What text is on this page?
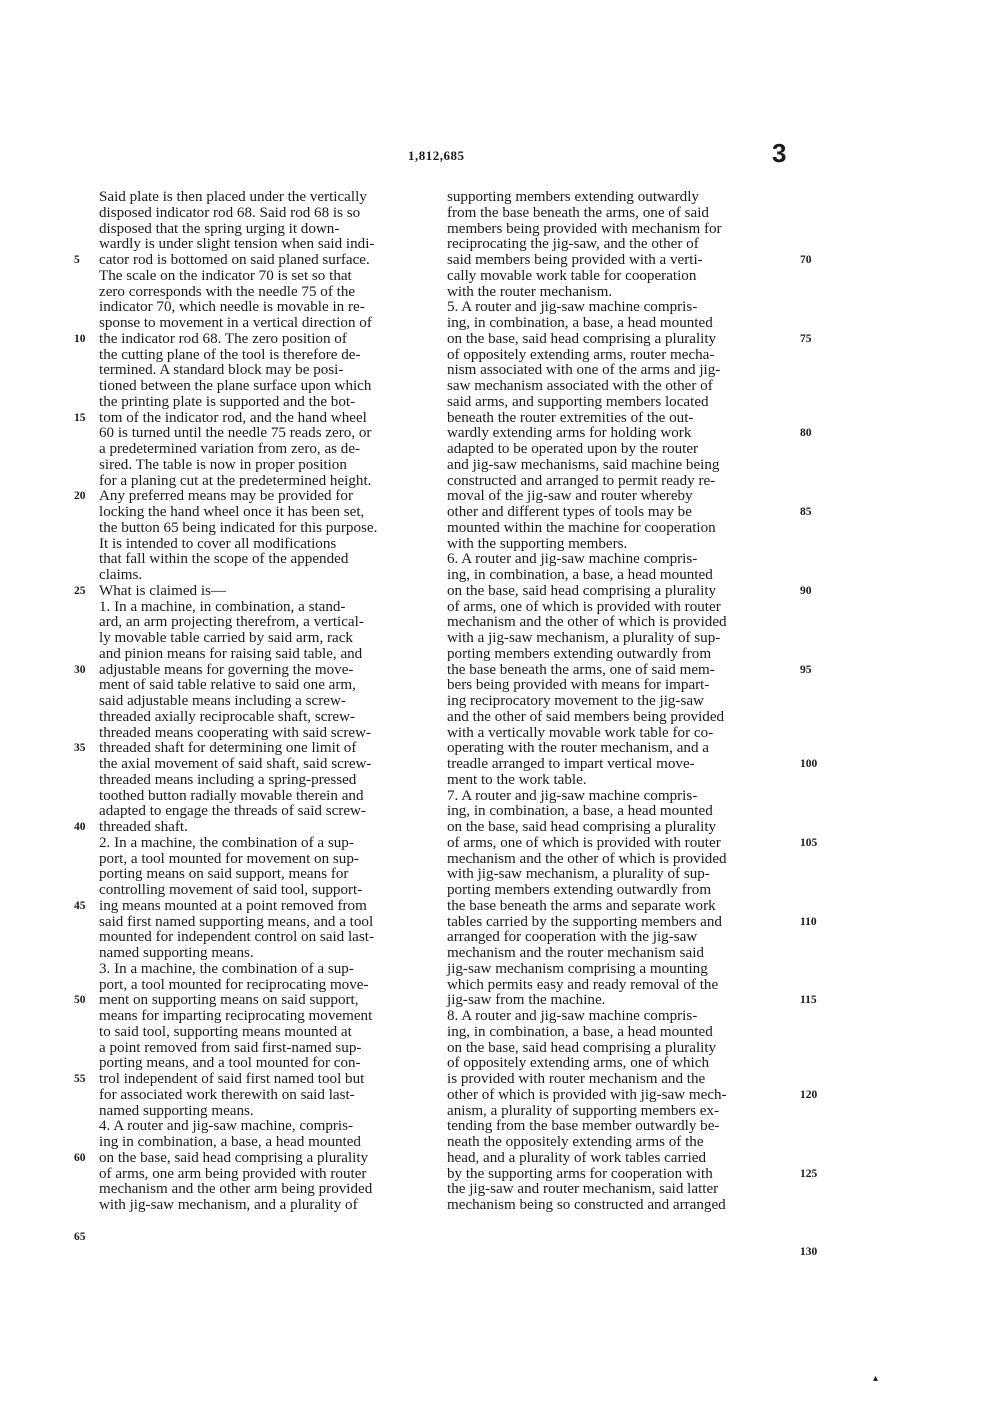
1,812,685	3
Said plate is then placed under the vertically
disposed indicator rod 68. Said rod 68 is so
disposed that the spring urging it down-
wardly is under slight tension when said indi-
cator rod is bottomed on said planed surface.
The scale on the indicator 70 is set so that
zero corresponds with the needle 75 of the
indicator 70, which needle is movable in re-
sponse to movement in a vertical direction of
the indicator rod 68. The zero position of
the cutting plane of the tool is therefore de-
termined. A standard block may be posi-
tioned between the plane surface upon which
the printing plate is supported and the bot-
tom of the indicator rod, and the hand wheel
60 is turned until the needle 75 reads zero, or
a predetermined variation from zero, as de-
sired. The table is now in proper position
for a planing cut at the predetermined height.
Any preferred means may be provided for
locking the hand wheel once it has been set,
the button 65 being indicated for this purpose.
It is intended to cover all modifications
that fall within the scope of the appended
claims.
What is claimed is—
1. In a machine, in combination, a stand-
ard, an arm projecting therefrom, a vertical-
ly movable table carried by said arm, rack
and pinion means for raising said table, and
adjustable means for governing the move-
ment of said table relative to said one arm,
said adjustable means including a screw-
threaded axially reciprocable shaft, screw-
threaded means cooperating with said screw-
threaded shaft for determining one limit of
the axial movement of said shaft, said screw-
threaded means including a spring-pressed
toothed button radially movable therein and
adapted to engage the threads of said screw-
threaded shaft.
2. In a machine, the combination of a sup-
port, a tool mounted for movement on sup-
porting means on said support, means for
controlling movement of said tool, support-
ing means mounted at a point removed from
said first named supporting means, and a tool
mounted for independent control on said last-
named supporting means.
3. In a machine, the combination of a sup-
port, a tool mounted for reciprocating move-
ment on supporting means on said support,
means for imparting reciprocating movement
to said tool, supporting means mounted at
a point removed from said first-named sup-
porting means, and a tool mounted for con-
trol independent of said first named tool but
for associated work therewith on said last-
named supporting means.
4. A router and jig-saw machine, compris-
ing in combination, a base, a head mounted
on the base, said head comprising a plurality
of arms, one arm being provided with router
mechanism and the other arm being provided
with jig-saw mechanism, and a plurality of
supporting members extending outwardly
from the base beneath the arms, one of said
members being provided with mechanism for
reciprocating the jig-saw, and the other of
said members being provided with a verti-
cally movable work table for cooperation
with the router mechanism.
5. A router and jig-saw machine compris-
ing, in combination, a base, a head mounted
on the base, said head comprising a plurality
of oppositely extending arms, router mecha-
nism associated with one of the arms and jig-
saw mechanism associated with the other of
said arms, and supporting members located
beneath the router extremities of the out-
wardly extending arms for holding work
adapted to be operated upon by the router
and jig-saw mechanisms, said machine being
constructed and arranged to permit ready re-
moval of the jig-saw and router whereby
other and different types of tools may be
mounted within the machine for cooperation
with the supporting members.
6. A router and jig-saw machine compris-
ing, in combination, a base, a head mounted
on the base, said head comprising a plurality
of arms, one of which is provided with router
mechanism and the other of which is provided
with a jig-saw mechanism, a plurality of sup-
porting members extending outwardly from
the base beneath the arms, one of said mem-
bers being provided with means for impart-
ing reciprocatory movement to the jig-saw
and the other of said members being provided
with a vertically movable work table for co-
operating with the router mechanism, and a
treadle arranged to impart vertical move-
ment to the work table.
7. A router and jig-saw machine compris-
ing, in combination, a base, a head mounted
on the base, said head comprising a plurality
of arms, one of which is provided with router
mechanism and the other of which is provided
with jig-saw mechanism, a plurality of sup-
porting members extending outwardly from
the base beneath the arms and separate work
tables carried by the supporting members and
arranged for cooperation with the jig-saw
mechanism and the router mechanism said
jig-saw mechanism comprising a mounting
which permits easy and ready removal of the
jig-saw from the machine.
8. A router and jig-saw machine compris-
ing, in combination, a base, a head mounted
on the base, said head comprising a plurality
of oppositely extending arms, one of which
is provided with router mechanism and the
other of which is provided with jig-saw mech-
anism, a plurality of supporting members ex-
tending from the base member outwardly be-
neath the oppositely extending arms of the
head, and a plurality of work tables carried
by the supporting arms for cooperation with
the jig-saw and router mechanism, said latter
mechanism being so constructed and arranged
5
10
15
20
25
30
35
40
45
50
55
60
65
70
75
80
85
90
95
100
105
110
115
120
125
130
▴
